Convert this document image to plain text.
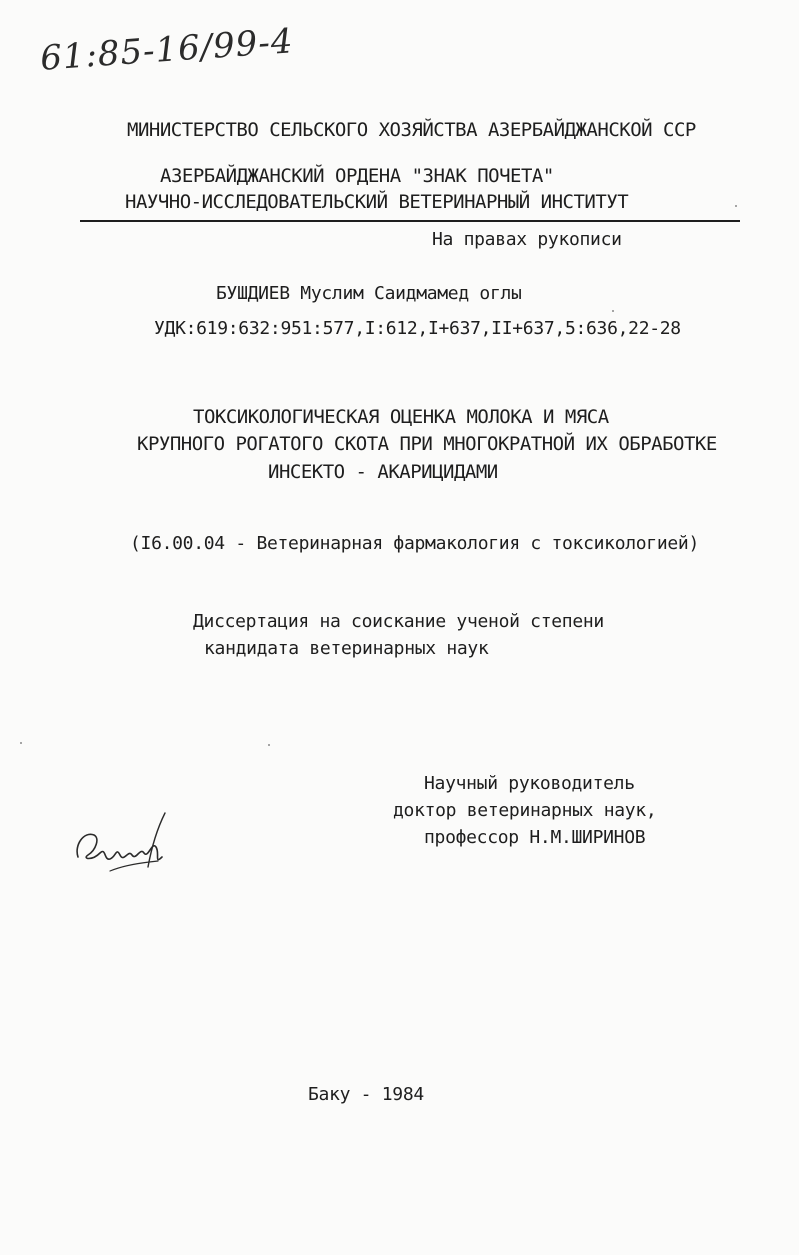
61:85-16/99-4

МИНИСТЕРСТВО СЕЛЬСКОГО ХОЗЯЙСТВА АЗЕРБАЙДЖАНСКОЙ ССР

АЗЕРБАЙДЖАНСКИЙ ОРДЕНА "ЗНАК ПОЧЕТА"

НАУЧНО-ИССЛЕДОВАТЕЛЬСКИЙ ВЕТЕРИНАРНЫЙ ИНСТИТУТ

На правах рукописи

БУШДИЕВ Муслим Саидмамед оглы

УДК:619:632:951:577,I:612,I+637,II+637,5:636,22-28

ТОКСИКОЛОГИЧЕСКАЯ ОЦЕНКА МОЛОКА И МЯСА

КРУПНОГО РОГАТОГО СКОТА ПРИ МНОГОКРАТНОЙ ИХ ОБРАБОТКЕ

ИНСЕКТО - АКАРИЦИДАМИ

(I6.00.04 - Ветеринарная фармакология с токсикологией)

Диссертация на соискание ученой степени

кандидата ветеринарных наук

Научный руководитель

доктор ветеринарных наук,

профессор Н.М.ШИРИНОВ

Баку - 1984
